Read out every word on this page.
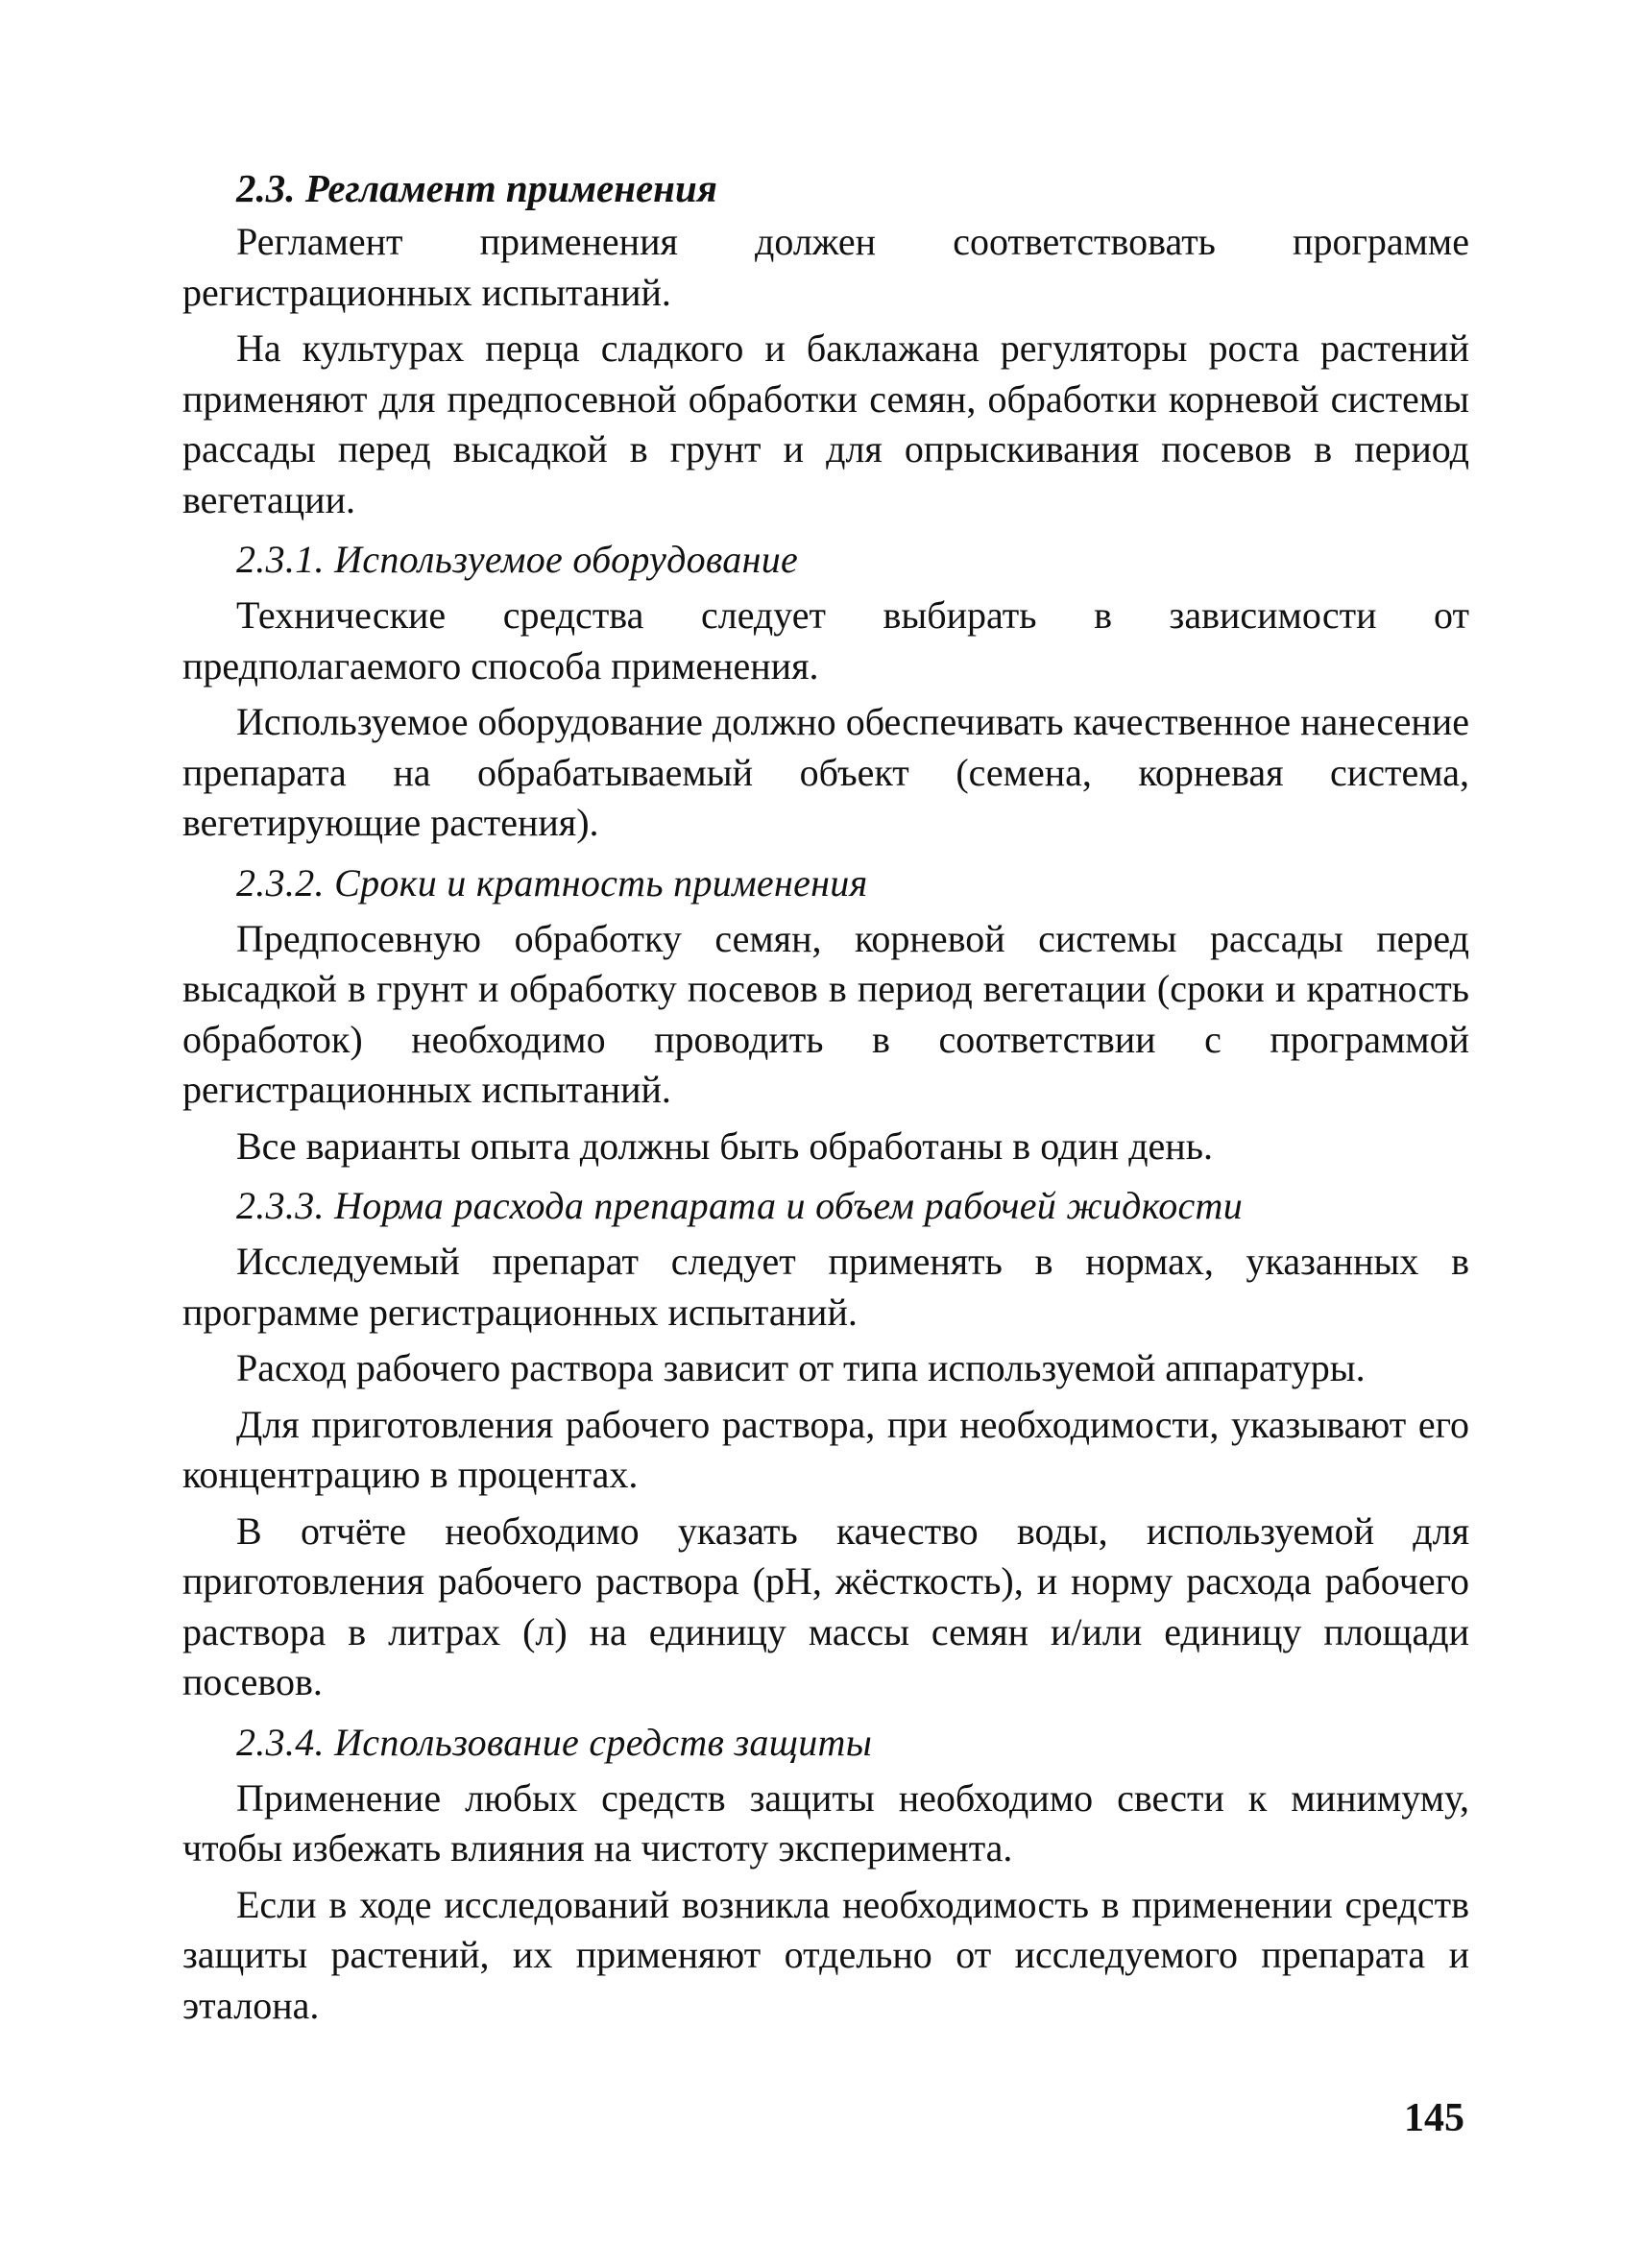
2.3. Регламент применения

Регламент применения должен соответствовать программе регистрационных испытаний.

На культурах перца сладкого и баклажана регуляторы роста растений применяют для предпосевной обработки семян, обработки корневой системы рассады перед высадкой в грунт и для опрыскивания посевов в период вегетации.

2.3.1. Используемое оборудование

Технические средства следует выбирать в зависимости от предполагаемого способа применения.

Используемое оборудование должно обеспечивать качественное нанесение препарата на обрабатываемый объект (семена, корневая система, вегетирующие растения).

2.3.2. Сроки и кратность применения

Предпосевную обработку семян, корневой системы рассады перед высадкой в грунт и обработку посевов в период вегетации (сроки и кратность обработок) необходимо проводить в соответствии с программой регистрационных испытаний.

Все варианты опыта должны быть обработаны в один день.

2.3.3. Норма расхода препарата и объем рабочей жидкости

Исследуемый препарат следует применять в нормах, указанных в программе регистрационных испытаний.

Расход рабочего раствора зависит от типа используемой аппаратуры.

Для приготовления рабочего раствора, при необходимости, указывают его концентрацию в процентах.

В отчёте необходимо указать качество воды, используемой для приготовления рабочего раствора (рН, жёсткость), и норму расхода рабочего раствора в литрах (л) на единицу массы семян и/или единицу площади посевов.

2.3.4. Использование средств защиты

Применение любых средств защиты необходимо свести к минимуму, чтобы избежать влияния на чистоту эксперимента.

Если в ходе исследований возникла необходимость в применении средств защиты растений, их применяют отдельно от исследуемого препарата и эталона.

145
